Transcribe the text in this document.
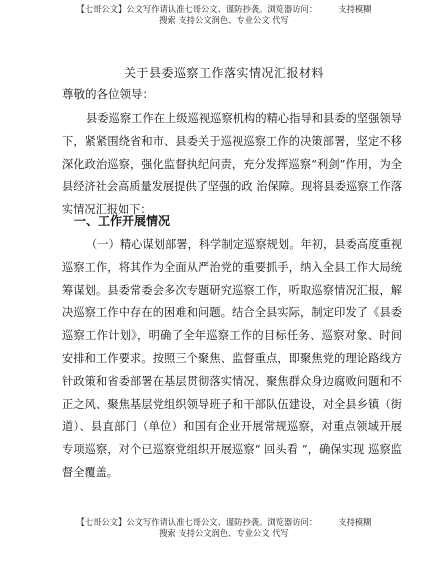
【七哥公文】公文写作请认准七哥公文、谨防抄袭。浏览器访问：	支持模糊
搜索 支持公文润色、专业公文 代写
关于县委巡察工作落实情况汇报材料
尊敬的各位领导：

县委巡察工作在上级巡视巡察机构的精心指导和县委的坚强领导下，紧紧围绕省和市、县委关于巡视巡察工作的决策部署，坚定不移深化政治巡察，强化监督执纪问责，充分发挥巡察“利剑”作用，为全县经济社会高质量发展提供了坚强的政 治保障。现将县委巡察工作落实情况汇报如下：

一、工作开展情况

（一）精心谋划部署，科学制定巡察规划。年初，县委高度重视巡察工作，将其作为全面从严治党的重要抓手，纳入全县工作大局统筹谋划。县委常委会多次专题研究巡察工作，听取巡察情况汇报，解决巡察工作中存在的困难和问题。结合全县实际，制定印发了《县委巡察工作计划》，明确了全年巡察工作的目标任务、巡察对象、时间安排和工作要求。按照三个聚焦、监督重点，即聚焦党的理论路线方针政策和省委部署在基层贯彻落实情况、聚焦群众身边腐败问题和不正之风、聚焦基层党组织领导班子和干部队伍建设，对全县乡镇（街道）、县直部门（单位）和国有企业开展常规巡察，对重点领域开展专项巡察，对个已巡察党组织开展巡察“ 回头看 ”，确保实现 巡察监督全覆盖。

【七哥公文】公文写作请认准七哥公文、谨防抄袭。浏览器访问：	支持模糊
搜索 支持公文润色、专业公文 代写
